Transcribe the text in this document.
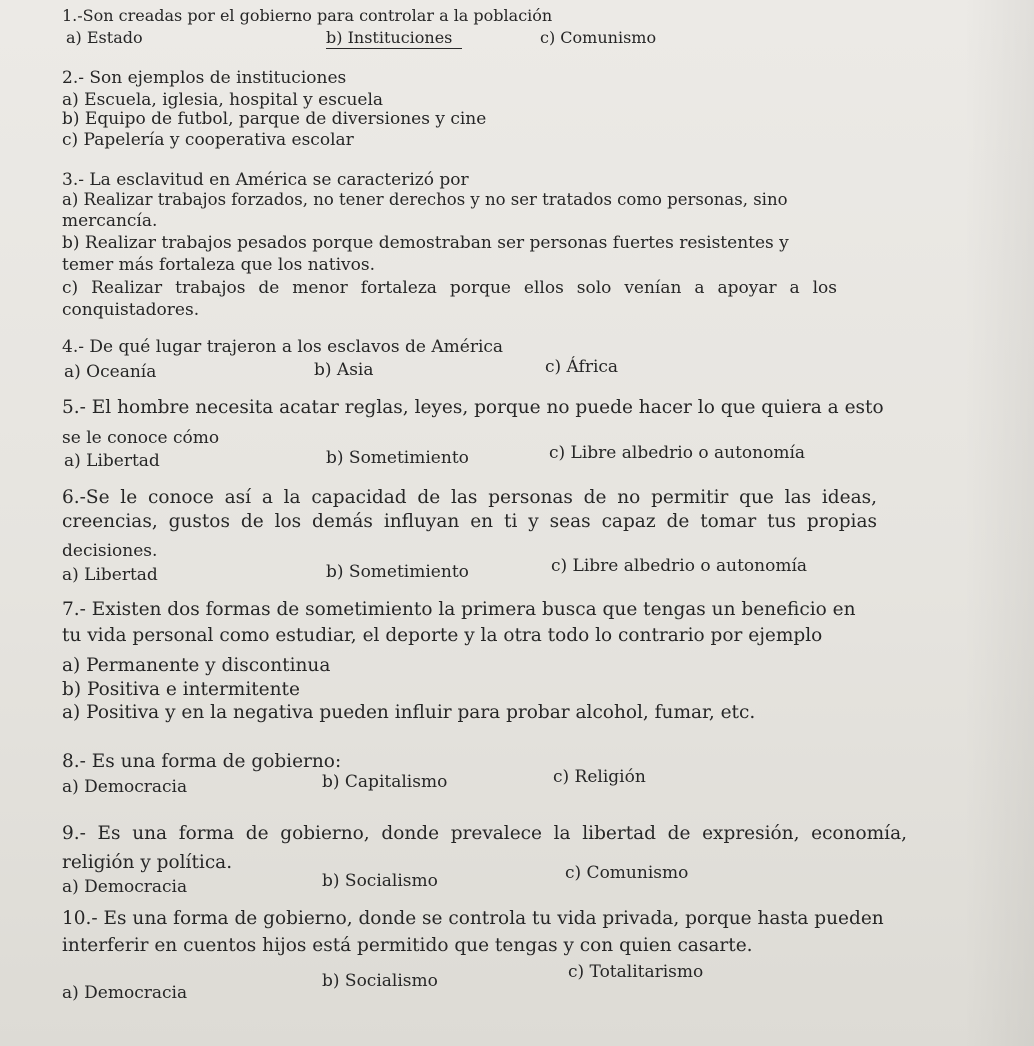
1.-Son creadas por el gobierno para controlar a la población
a) Estado	b) Instituciones	c) Comunismo
2.- Son ejemplos de instituciones
a) Escuela, iglesia, hospital y escuela
b) Equipo de futbol, parque de diversiones y cine
c) Papelería y cooperativa escolar
3.- La esclavitud en América se caracterizó por
a) Realizar trabajos forzados, no tener derechos y no ser tratados como personas, sino
mercancía.
b) Realizar trabajos pesados porque demostraban ser personas fuertes resistentes y
temer más fortaleza que los nativos.
c) Realizar trabajos de menor fortaleza porque ellos solo venían a apoyar a los
conquistadores.
4.- De qué lugar trajeron a los esclavos de América
a) Oceanía	b) Asia	c) África
5.- El hombre necesita acatar reglas, leyes, porque no puede hacer lo que quiera a esto
se le conoce cómo
a) Libertad	b) Sometimiento	c) Libre albedrio o autonomía
6.-Se le conoce así a la capacidad de las personas de no permitir que las ideas,
creencias, gustos de los demás influyan en ti y seas capaz de tomar tus propias
decisiones.
a) Libertad	b) Sometimiento	c) Libre albedrio o autonomía
7.- Existen dos formas de sometimiento la primera busca que tengas un beneficio en
tu vida personal como estudiar, el deporte y la otra todo lo contrario por ejemplo
a) Permanente y discontinua
b) Positiva e intermitente
a) Positiva y en la negativa pueden influir para probar alcohol, fumar, etc.
8.- Es una forma de gobierno:
a) Democracia	b) Capitalismo	c) Religión
9.- Es una forma de gobierno, donde prevalece la libertad de expresión, economía,
religión y política.
a) Democracia	b) Socialismo	c) Comunismo
10.- Es una forma de gobierno, donde se controla tu vida privada, porque hasta pueden
interferir en cuentos hijos está permitido que tengas y con quien casarte.
a) Democracia
b) Socialismo	c) Totalitarismo
